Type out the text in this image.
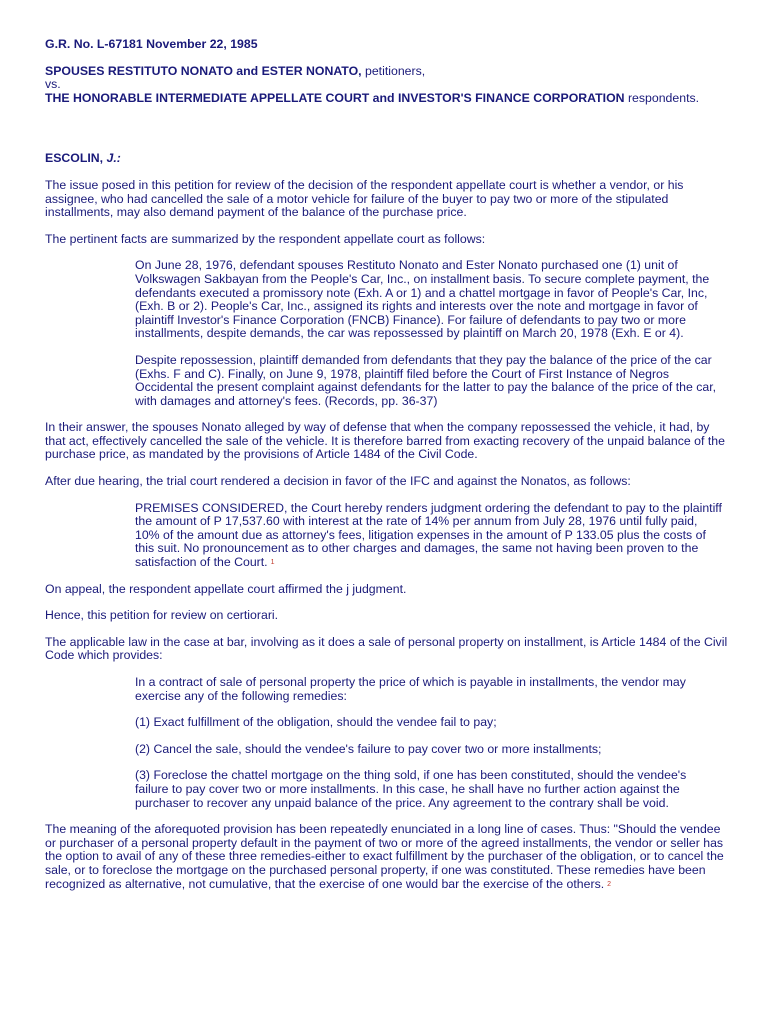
G.R. No. L-67181 November 22, 1985
SPOUSES RESTITUTO NONATO and ESTER NONATO, petitioners,
vs.
THE HONORABLE INTERMEDIATE APPELLATE COURT and INVESTOR'S FINANCE CORPORATION respondents.
ESCOLIN, J.:

The issue posed in this petition for review of the decision of the respondent appellate court is whether a vendor, or his assignee, who had cancelled the sale of a motor vehicle for failure of the buyer to pay two or more of the stipulated installments, may also demand payment of the balance of the purchase price.

The pertinent facts are summarized by the respondent appellate court as follows:

On June 28, 1976, defendant spouses Restituto Nonato and Ester Nonato purchased one (1) unit of Volkswagen Sakbayan from the People's Car, Inc., on installment basis. To secure complete payment, the defendants executed a promissory note (Exh. A or 1) and a chattel mortgage in favor of People's Car, Inc, (Exh. B or 2). People's Car, Inc., assigned its rights and interests over the note and mortgage in favor of plaintiff Investor's Finance Corporation (FNCB) Finance). For failure of defendants to pay two or more installments, despite demands, the car was repossessed by plaintiff on March 20, 1978 (Exh. E or 4).
Despite repossession, plaintiff demanded from defendants that they pay the balance of the price of the car (Exhs. F and C). Finally, on June 9, 1978, plaintiff filed before the Court of First Instance of Negros Occidental the present complaint against defendants for the latter to pay the balance of the price of the car, with damages and attorney's fees. (Records, pp. 36-37)

In their answer, the spouses Nonato alleged by way of defense that when the company repossessed the vehicle, it had, by that act, effectively cancelled the sale of the vehicle. It is therefore barred from exacting recovery of the unpaid balance of the purchase price, as mandated by the provisions of Article 1484 of the Civil Code.

After due hearing, the trial court rendered a decision in favor of the IFC and against the Nonatos, as follows:

PREMISES CONSIDERED, the Court hereby renders judgment ordering the defendant to pay to the plaintiff the amount of P 17,537.60 with interest at the rate of 14% per annum from July 28, 1976 until fully paid, 10% of the amount due as attorney's fees, litigation expenses in the amount of P 133.05 plus the costs of this suit. No pronouncement as to other charges and damages, the same not having been proven to the satisfaction of the Court. $^1$

On appeal, the respondent appellate court affirmed the j judgment.

Hence, this petition for review on certiorari.

The applicable law in the case at bar, involving as it does a sale of personal property on installment, is Article 1484 of the Civil Code which provides:

In a contract of sale of personal property the price of which is payable in installments, the vendor may exercise any of the following remedies:
(1) Exact fulfillment of the obligation, should the vendee fail to pay;
(2) Cancel the sale, should the vendee's failure to pay cover two or more installments;
(3) Foreclose the chattel mortgage on the thing sold, if one has been constituted, should the vendee's failure to pay cover two or more installments. In this case, he shall have no further action against the purchaser to recover any unpaid balance of the price. Any agreement to the contrary shall be void.

The meaning of the aforequoted provision has been repeatedly enunciated in a long line of cases. Thus: "Should the vendee or purchaser of a personal property default in the payment of two or more of the agreed installments, the vendor or seller has the option to avail of any of these three remedies-either to exact fulfillment by the purchaser of the obligation, or to cancel the sale, or to foreclose the mortgage on the purchased personal property, if one was constituted. These remedies have been recognized as alternative, not cumulative, that the exercise of one would bar the exercise of the others. $^2$
